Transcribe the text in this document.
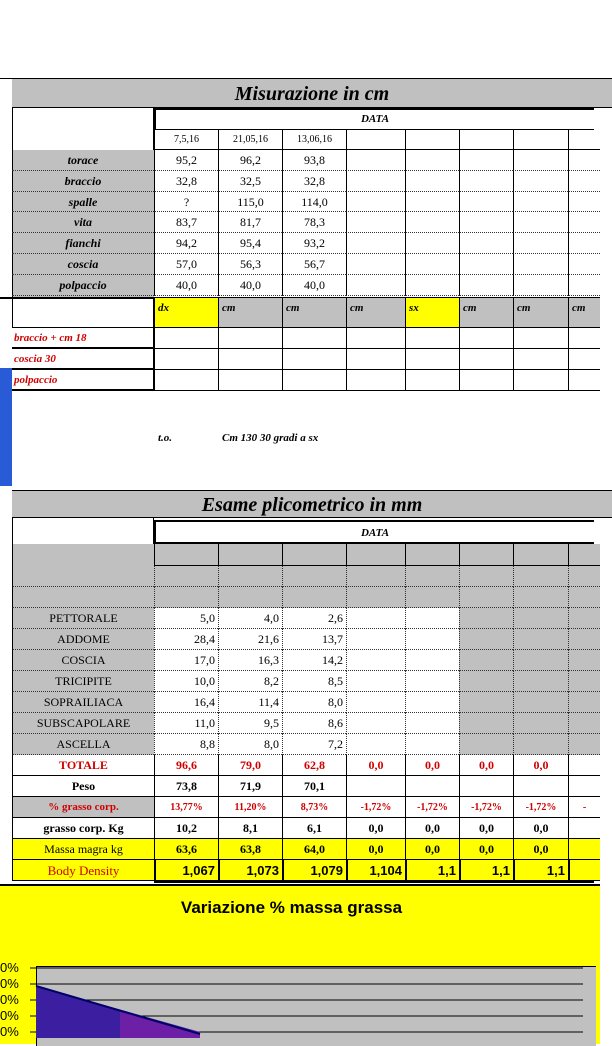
Misurazione in cm
DATA
t.o.	Cm 130 30 gradi a sx
Esame plicometrico in mm
DATA
Variazione % massa grassa
7,5,16	21,05,16	13,06,16
torace	95,2	96,2	93,8
braccio	32,8	32,5	32,8
spalle	?	115,0	114,0
vita	83,7	81,7	78,3
fianchi	94,2	95,4	93,2
coscia	57,0	56,3	56,7
polpaccio	40,0	40,0	40,0
dx	cm	cm	cm	sx	cm	cm	cm
braccio + cm 18
coscia 30
polpaccio
PETTORALE	5,0	4,0	2,6
ADDOME	28,4	21,6	13,7
COSCIA	17,0	16,3	14,2
TRICIPITE	10,0	8,2	8,5
SOPRAILIACA	16,4	11,4	8,0
SUBSCAPOLARE	11,0	9,5	8,6
ASCELLA	8,8	8,0	7,2
TOTALE	96,6	79,0	62,8	0,0	0,0	0,0	0,0
Peso	73,8	71,9	70,1
% grasso corp.	13,77%	11,20%	8,73%	-1,72%	-1,72%	-1,72%	-1,72%	-
grasso corp. Kg	10,2	8,1	6,1	0,0	0,0	0,0	0,0
Massa magra kg	63,6	63,8	64,0	0,0	0,0	0,0	0,0
Body Density	1,067	1,073	1,079	1,104	1,1	1,1	1,1
0%
0%
0%
0%
0%
